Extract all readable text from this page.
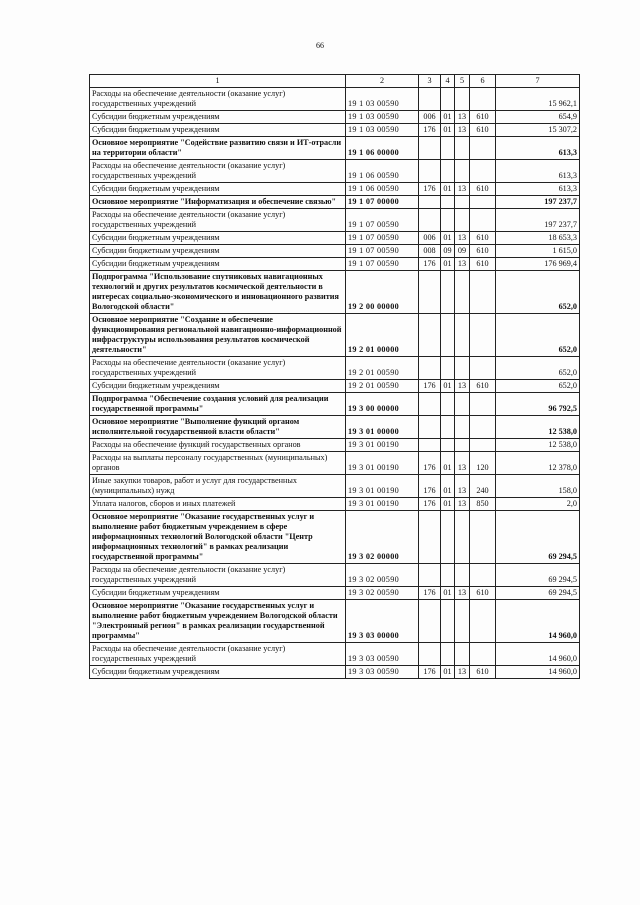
66
1	2	3	4	5	6	7
Расходы на обеспечение деятельности (оказание услуг) государственных учреждений	19 1 03 00590					15 962,1
Субсидии бюджетным учреждениям	19 1 03 00590	006	01	13	610	654,9
Субсидии бюджетным учреждениям	19 1 03 00590	176	01	13	610	15 307,2
Основное мероприятие "Содействие развитию связи и ИТ-отрасли на территории области"	19 1 06 00000					613,3
Расходы на обеспечение деятельности (оказание услуг) государственных учреждений	19 1 06 00590					613,3
Субсидии бюджетным учреждениям	19 1 06 00590	176	01	13	610	613,3
Основное мероприятие "Информатизация и обеспечение связью"	19 1 07 00000					197 237,7
Расходы на обеспечение деятельности (оказание услуг) государственных учреждений	19 1 07 00590					197 237,7
Субсидии бюджетным учреждениям	19 1 07 00590	006	01	13	610	18 653,3
Субсидии бюджетным учреждениям	19 1 07 00590	008	09	09	610	1 615,0
Субсидии бюджетным учреждениям	19 1 07 00590	176	01	13	610	176 969,4
Подпрограмма "Использование спутниковых навигационных технологий и других результатов космической деятельности в интересах социально-экономического и инновационного развития Вологодской области"	19 2 00 00000					652,0
Основное мероприятие "Создание и обеспечение функционирования региональной навигационно-информационной инфраструктуры использования результатов космической деятельности"	19 2 01 00000					652,0
Расходы на обеспечение деятельности (оказание услуг) государственных учреждений	19 2 01 00590					652,0
Субсидии бюджетным учреждениям	19 2 01 00590	176	01	13	610	652,0
Подпрограмма "Обеспечение создания условий для реализации государственной программы"	19 3 00 00000					96 792,5
Основное мероприятие "Выполнение функций органом исполнительной государственной власти области"	19 3 01 00000					12 538,0
Расходы на обеспечение функций государственных органов	19 3 01 00190					12 538,0
Расходы на выплаты персоналу государственных (муниципальных) органов	19 3 01 00190	176	01	13	120	12 378,0
Иные закупки товаров, работ и услуг для государственных (муниципальных) нужд	19 3 01 00190	176	01	13	240	158,0
Уплата налогов, сборов и иных платежей	19 3 01 00190	176	01	13	850	2,0
Основное мероприятие "Оказание государственных услуг и выполнение работ бюджетным учреждением в сфере информационных технологий Вологодской области "Центр информационных технологий" в рамках реализации государственной программы"	19 3 02 00000					69 294,5
Расходы на обеспечение деятельности (оказание услуг) государственных учреждений	19 3 02 00590					69 294,5
Субсидии бюджетным учреждениям	19 3 02 00590	176	01	13	610	69 294,5
Основное мероприятие "Оказание государственных услуг и выполнение работ бюджетным учреждением Вологодской области "Электронный регион" в рамках реализации государственной программы"	19 3 03 00000					14 960,0
Расходы на обеспечение деятельности (оказание услуг) государственных учреждений	19 3 03 00590					14 960,0
Субсидии бюджетным учреждениям	19 3 03 00590	176	01	13	610	14 960,0
